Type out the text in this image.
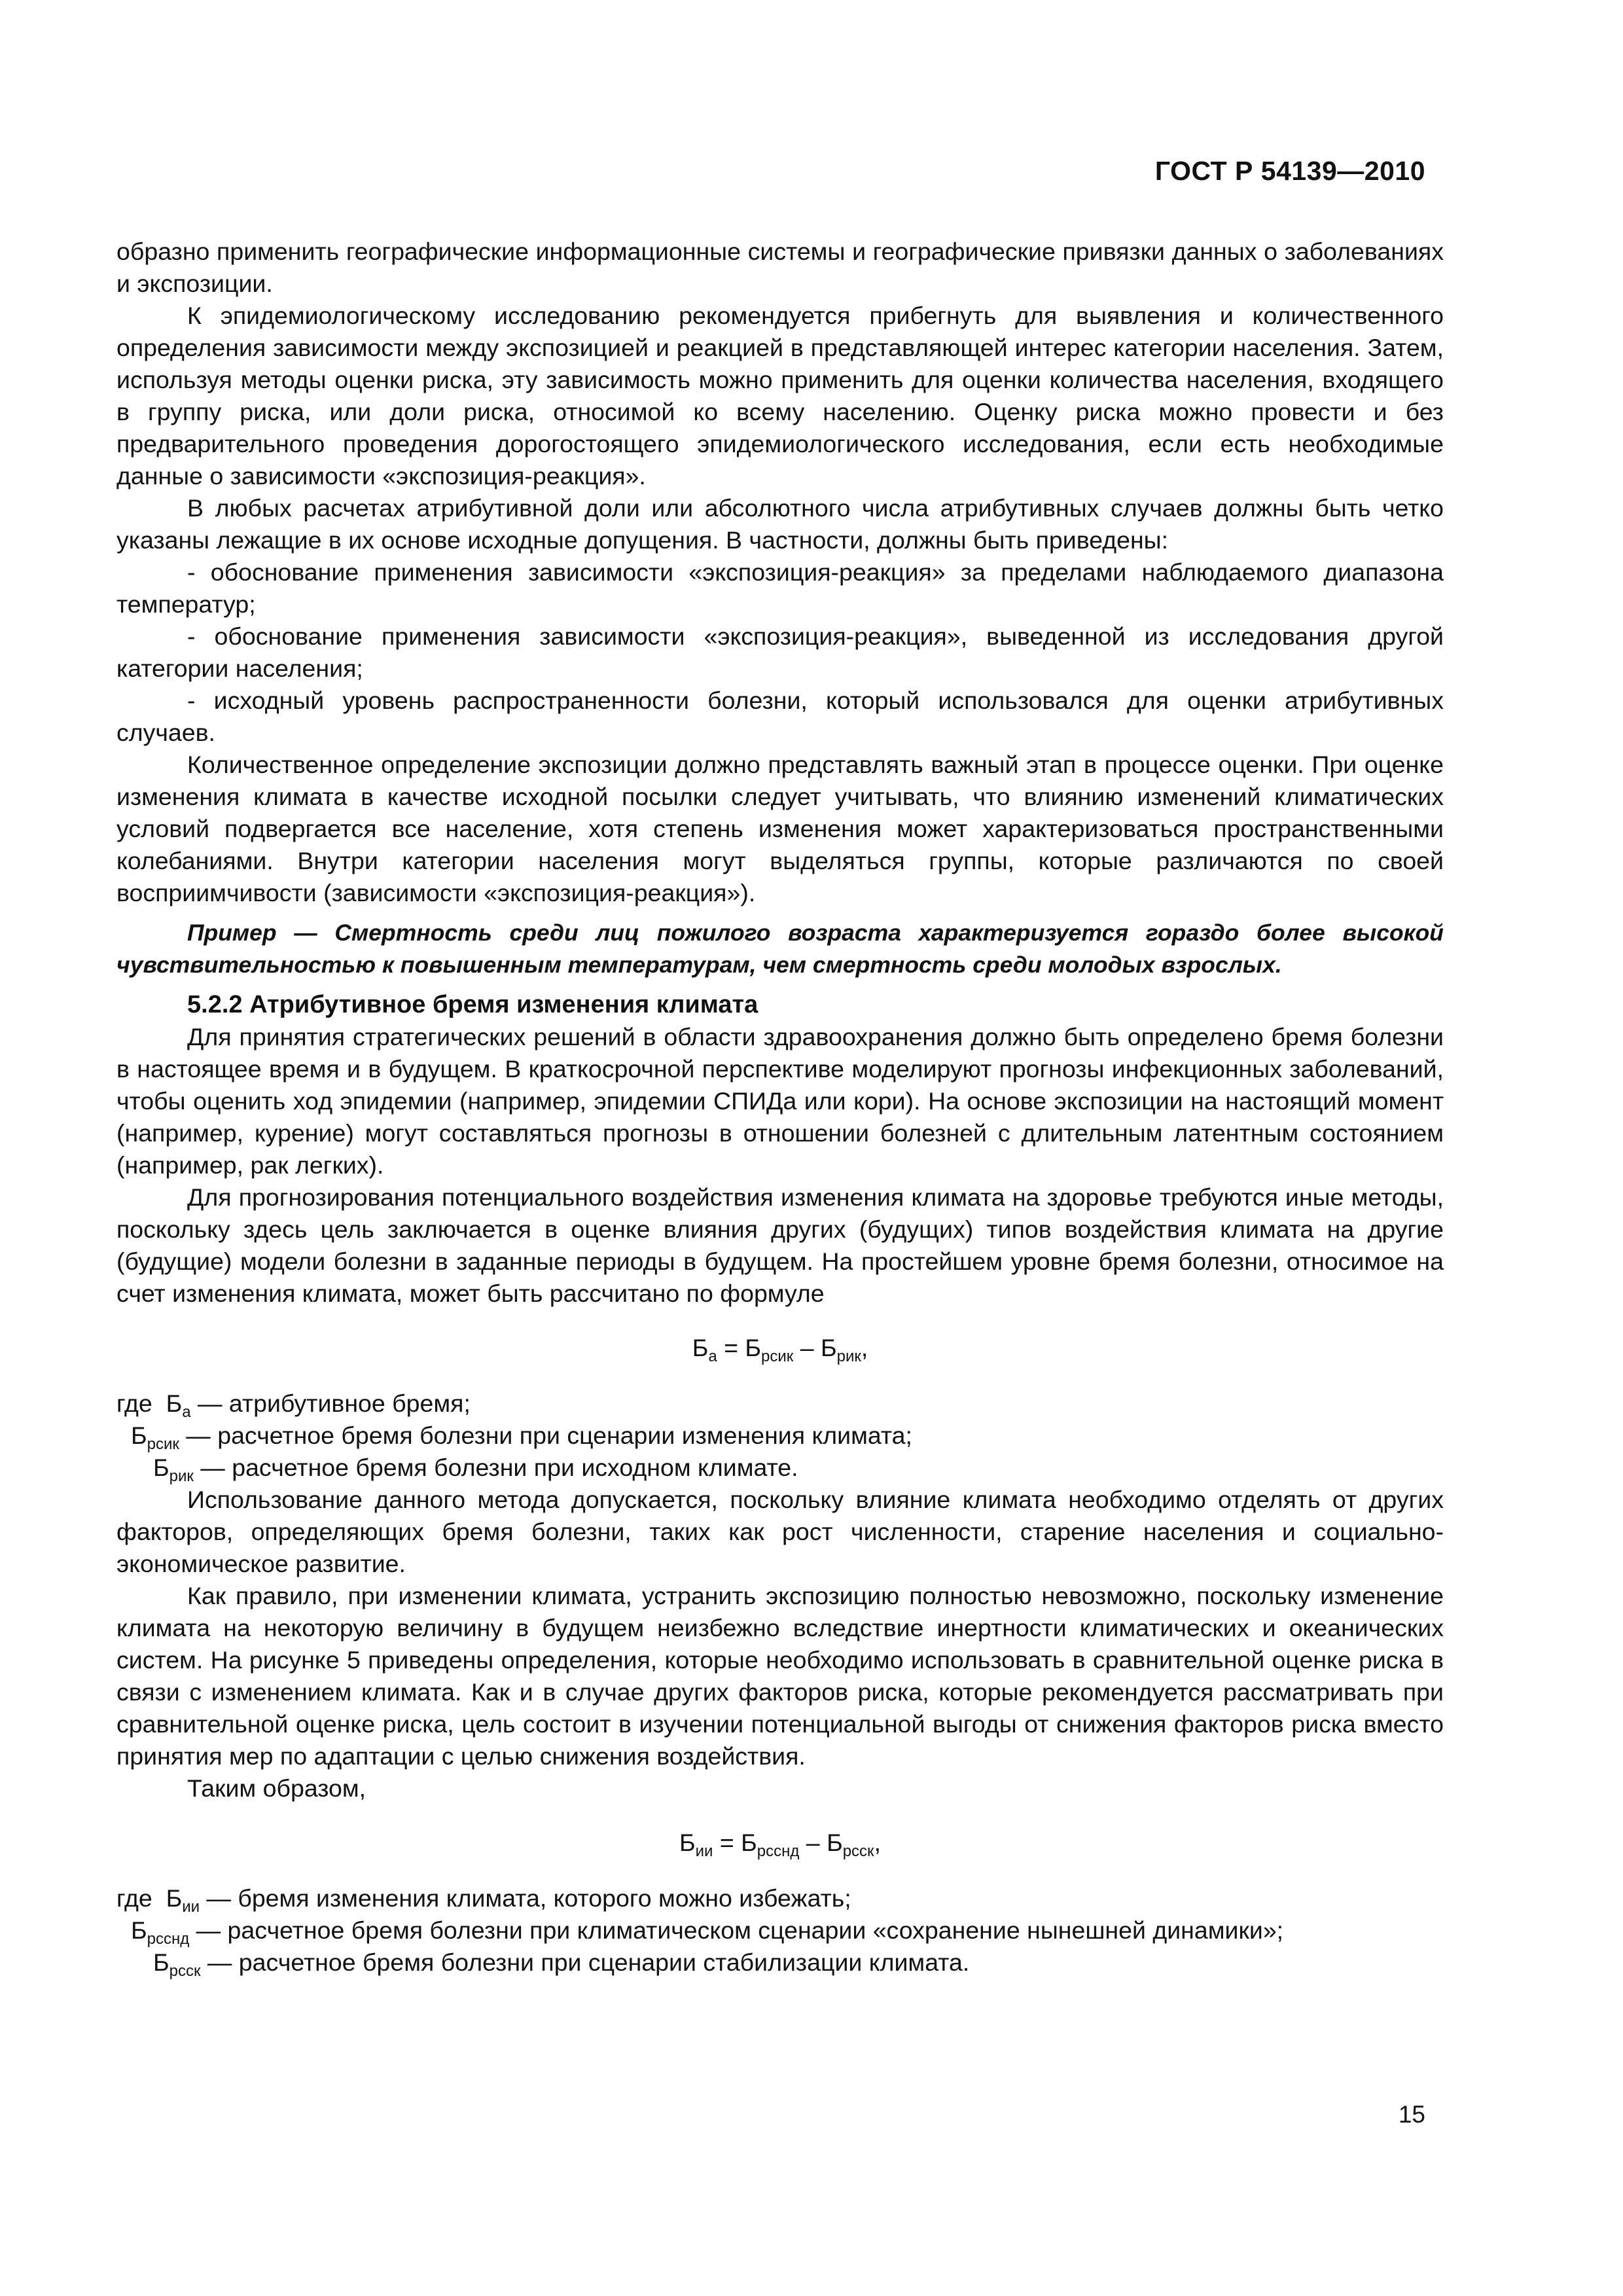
ГОСТ Р 54139—2010

образно применить географические информационные системы и географические привязки данных о заболеваниях и экспозиции.

К эпидемиологическому исследованию рекомендуется прибегнуть для выявления и количественного определения зависимости между экспозицией и реакцией в представляющей интерес категории населения. Затем, используя методы оценки риска, эту зависимость можно применить для оценки количества населения, входящего в группу риска, или доли риска, относимой ко всему населению. Оценку риска можно провести и без предварительного проведения дорогостоящего эпидемиологического исследования, если есть необходимые данные о зависимости «экспозиция-реакция».

В любых расчетах атрибутивной доли или абсолютного числа атрибутивных случаев должны быть четко указаны лежащие в их основе исходные допущения. В частности, должны быть приведены:

- обоснование применения зависимости «экспозиция-реакция» за пределами наблюдаемого диапазона температур;

- обоснование применения зависимости «экспозиция-реакция», выведенной из исследования другой категории населения;

- исходный уровень распространенности болезни, который использовался для оценки атрибутивных случаев.

Количественное определение экспозиции должно представлять важный этап в процессе оценки. При оценке изменения климата в качестве исходной посылки следует учитывать, что влиянию изменений климатических условий подвергается все население, хотя степень изменения может характеризоваться пространственными колебаниями. Внутри категории населения могут выделяться группы, которые различаются по своей восприимчивости (зависимости «экспозиция-реакция»).

Пример — Смертность среди лиц пожилого возраста характеризуется гораздо более высокой чувствительностью к повышенным температурам, чем смертность среди молодых взрослых.

5.2.2 Атрибутивное бремя изменения климата

Для принятия стратегических решений в области здравоохранения должно быть определено бремя болезни в настоящее время и в будущем. В краткосрочной перспективе моделируют прогнозы инфекционных заболеваний, чтобы оценить ход эпидемии (например, эпидемии СПИДа или кори). На основе экспозиции на настоящий момент (например, курение) могут составляться прогнозы в отношении болезней с длительным латентным состоянием (например, рак легких).

Для прогнозирования потенциального воздействия изменения климата на здоровье требуются иные методы, поскольку здесь цель заключается в оценке влияния других (будущих) типов воздействия климата на другие (будущие) модели болезни в заданные периоды в будущем. На простейшем уровне бремя болезни, относимое на счет изменения климата, может быть рассчитано по формуле

$Б_а = Б_{рсик} - Б_{рик}$,

где  $Б_а$ — атрибутивное бремя;

$Б_{рсик}$ — расчетное бремя болезни при сценарии изменения климата;

$Б_{рик}$ — расчетное бремя болезни при исходном климате.

Использование данного метода допускается, поскольку влияние климата необходимо отделять от других факторов, определяющих бремя болезни, таких как рост численности, старение населения и социально-экономическое развитие.

Как правило, при изменении климата, устранить экспозицию полностью невозможно, поскольку изменение климата на некоторую величину в будущем неизбежно вследствие инертности климатических и океанических систем. На рисунке 5 приведены определения, которые необходимо использовать в сравнительной оценке риска в связи с изменением климата. Как и в случае других факторов риска, которые рекомендуется рассматривать при сравнительной оценке риска, цель состоит в изучении потенциальной выгоды от снижения факторов риска вместо принятия мер по адаптации с целью снижения воздействия.

Таким образом,

$Б_{ии} = Б_{рсснд} - Б_{рсск}$,

где  $Б_{ии}$ — бремя изменения климата, которого можно избежать;

$Б_{рсснд}$ — расчетное бремя болезни при климатическом сценарии «сохранение нынешней динамики»;

$Б_{рсск}$ — расчетное бремя болезни при сценарии стабилизации климата.

15
